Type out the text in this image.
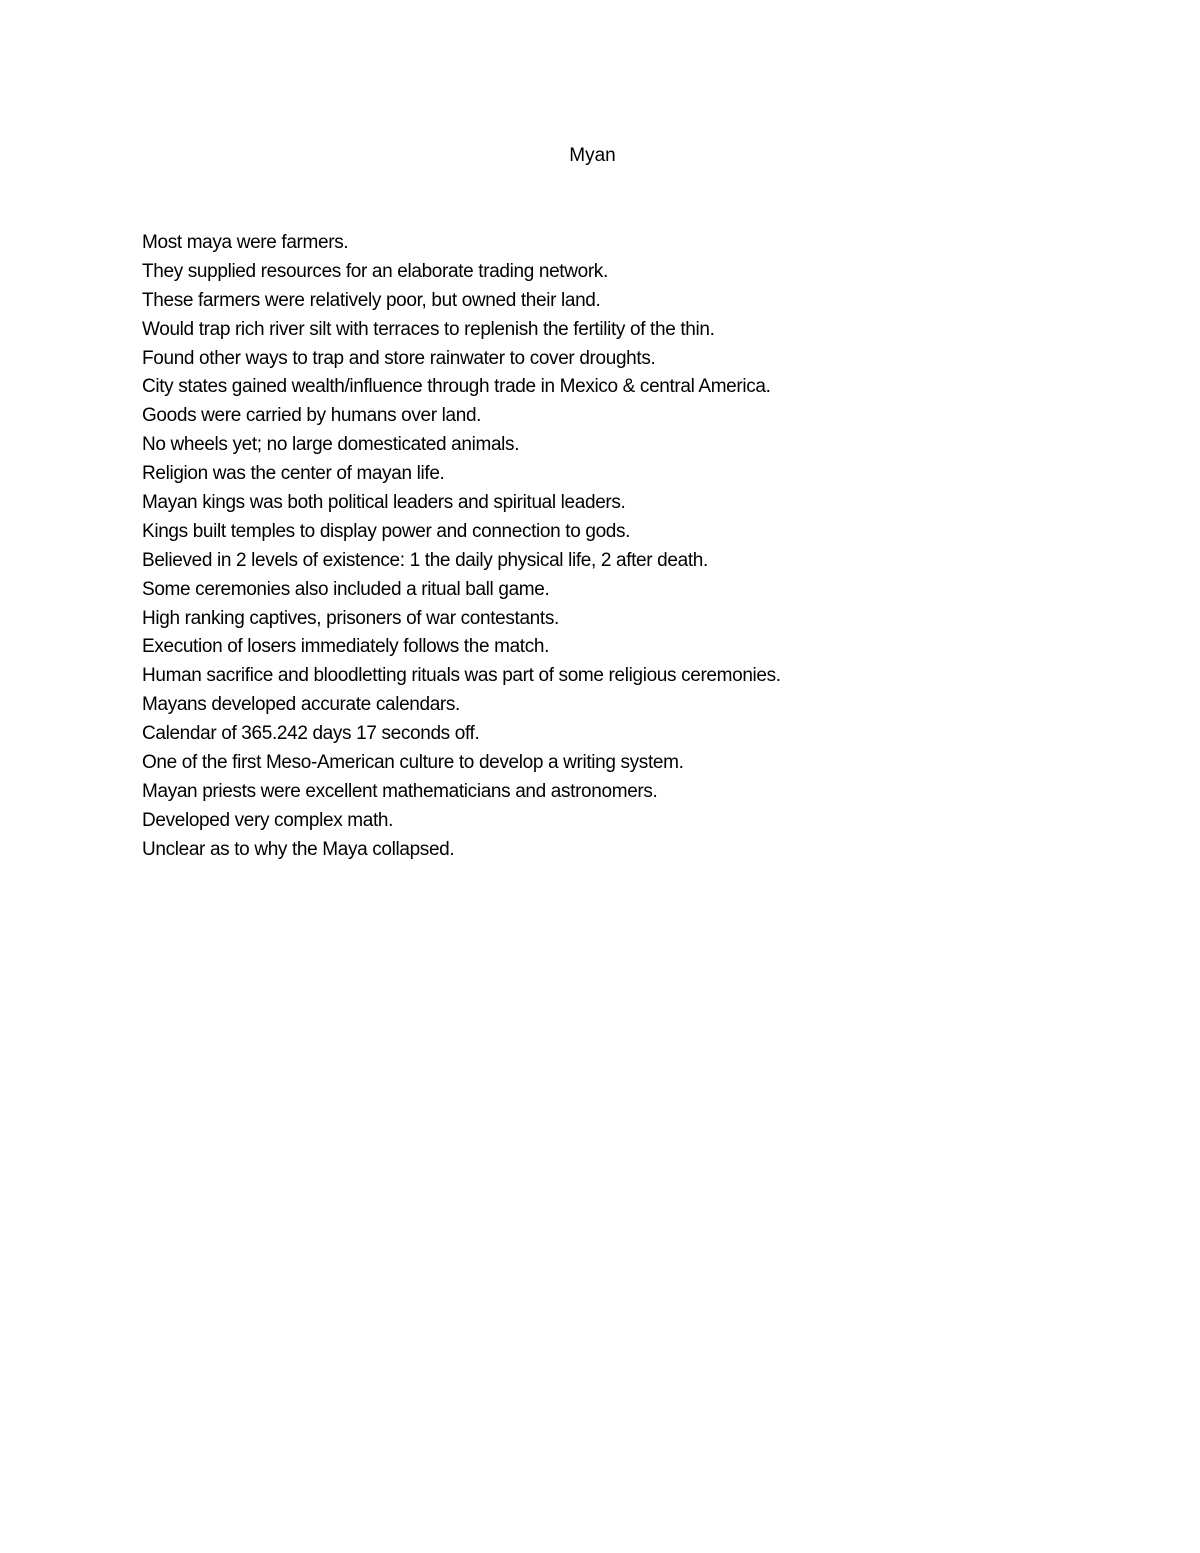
Myan
Most maya were farmers.
They supplied resources for an elaborate trading network.
These farmers were relatively poor, but owned their land.
Would trap rich river silt with terraces to replenish the fertility of the thin.
Found other ways to trap and store rainwater to cover droughts.
City states gained wealth/influence through trade in Mexico & central America.
Goods were carried by humans over land.
No wheels yet; no large domesticated animals.
Religion was the center of mayan life.
Mayan kings was both political leaders and spiritual leaders.
Kings built temples to display power and connection to gods.
Believed in 2 levels of existence: 1 the daily physical life, 2 after death.
Some ceremonies also included a ritual ball game.
High ranking captives, prisoners of war contestants.
Execution of losers immediately follows the match.
Human sacrifice and bloodletting rituals was part of some religious ceremonies.
Mayans developed accurate calendars.
Calendar of 365.242 days 17 seconds off.
One of the first Meso-American culture to develop a writing system.
Mayan priests were excellent mathematicians and astronomers.
Developed very complex math.
Unclear as to why the Maya collapsed.
